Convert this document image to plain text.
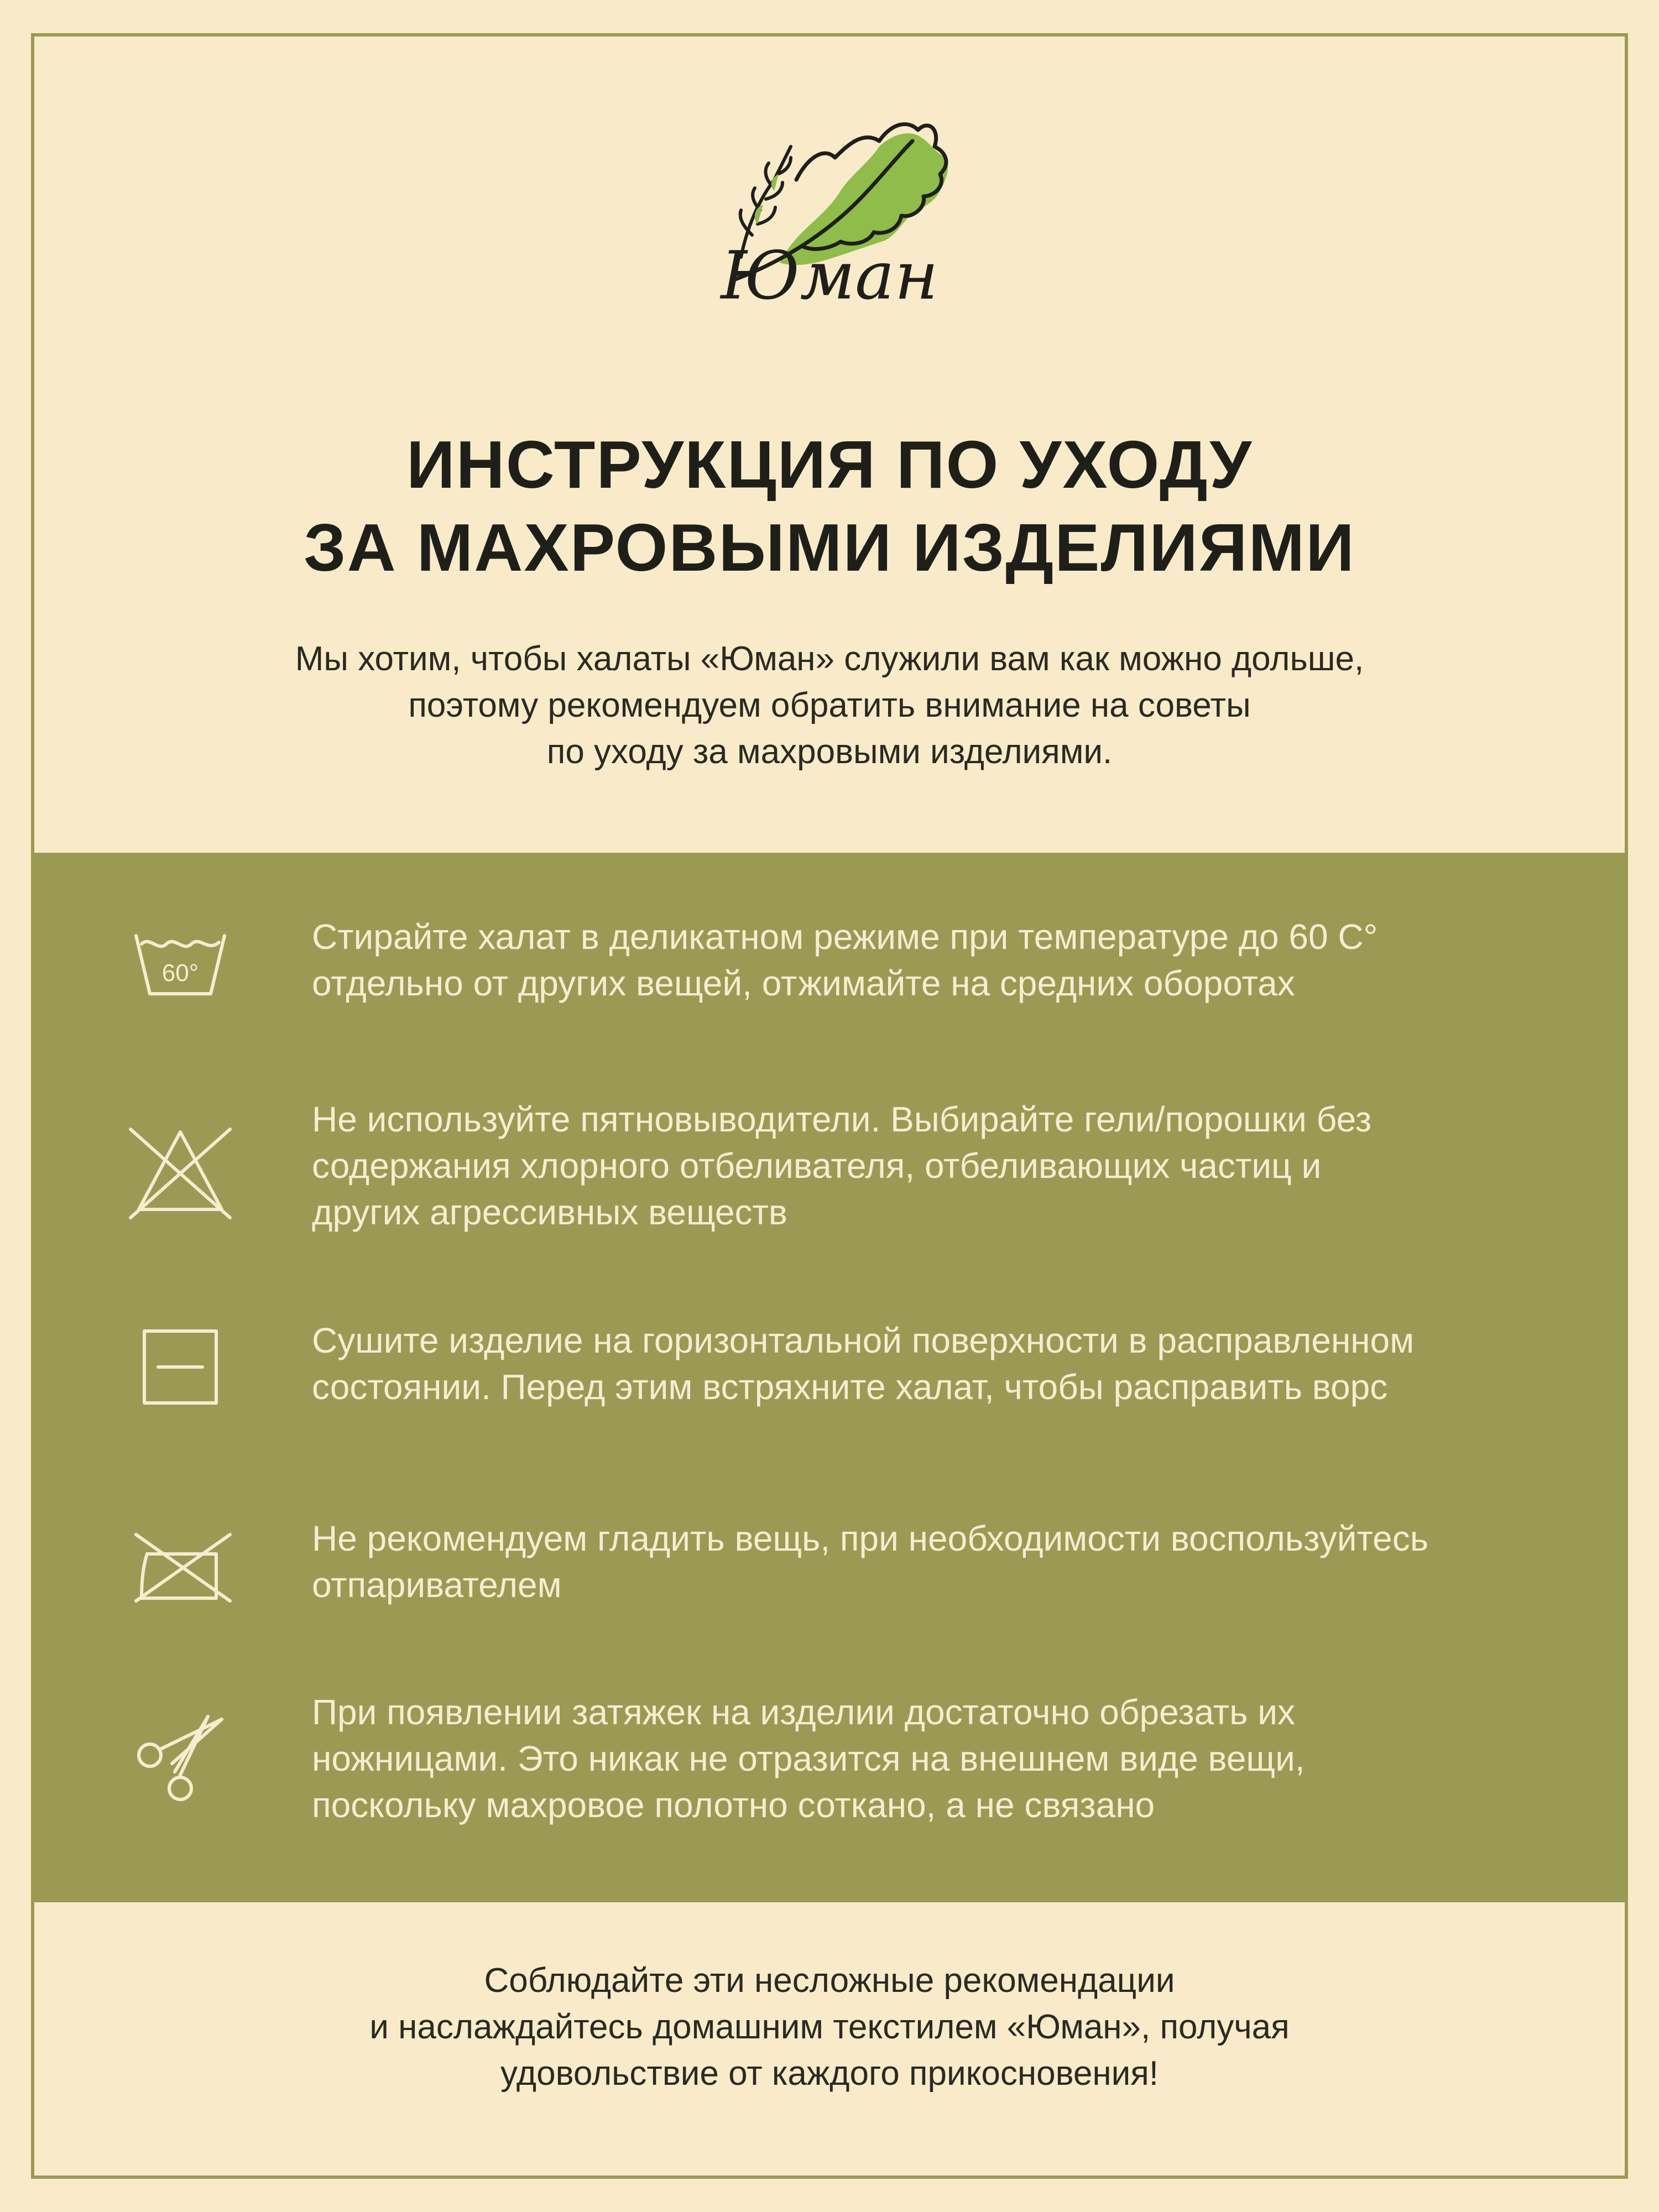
Юман
ИНСТРУКЦИЯ ПО УХОДУ
ЗА МАХРОВЫМИ ИЗДЕЛИЯМИ
Мы хотим, чтобы халаты «Юман» служили вам как можно дольше,
поэтому рекомендуем обратить внимание на советы
по уходу за махровыми изделиями.
60°
Стирайте халат в деликатном режиме при температуре до 60 С°
отдельно от других вещей, отжимайте на средних оборотах
Не используйте пятновыводители. Выбирайте гели/порошки без
содержания хлорного отбеливателя, отбеливающих частиц и
других агрессивных веществ
Сушите изделие на горизонтальной поверхности в расправленном
состоянии. Перед этим встряхните халат, чтобы расправить ворс
Не рекомендуем гладить вещь, при необходимости воспользуйтесь
отпаривателем
При появлении затяжек на изделии достаточно обрезать их
ножницами. Это никак не отразится на внешнем виде вещи,
поскольку махровое полотно соткано, а не связано
Соблюдайте эти несложные рекомендации
и наслаждайтесь домашним текстилем «Юман», получая
удовольствие от каждого прикосновения!
